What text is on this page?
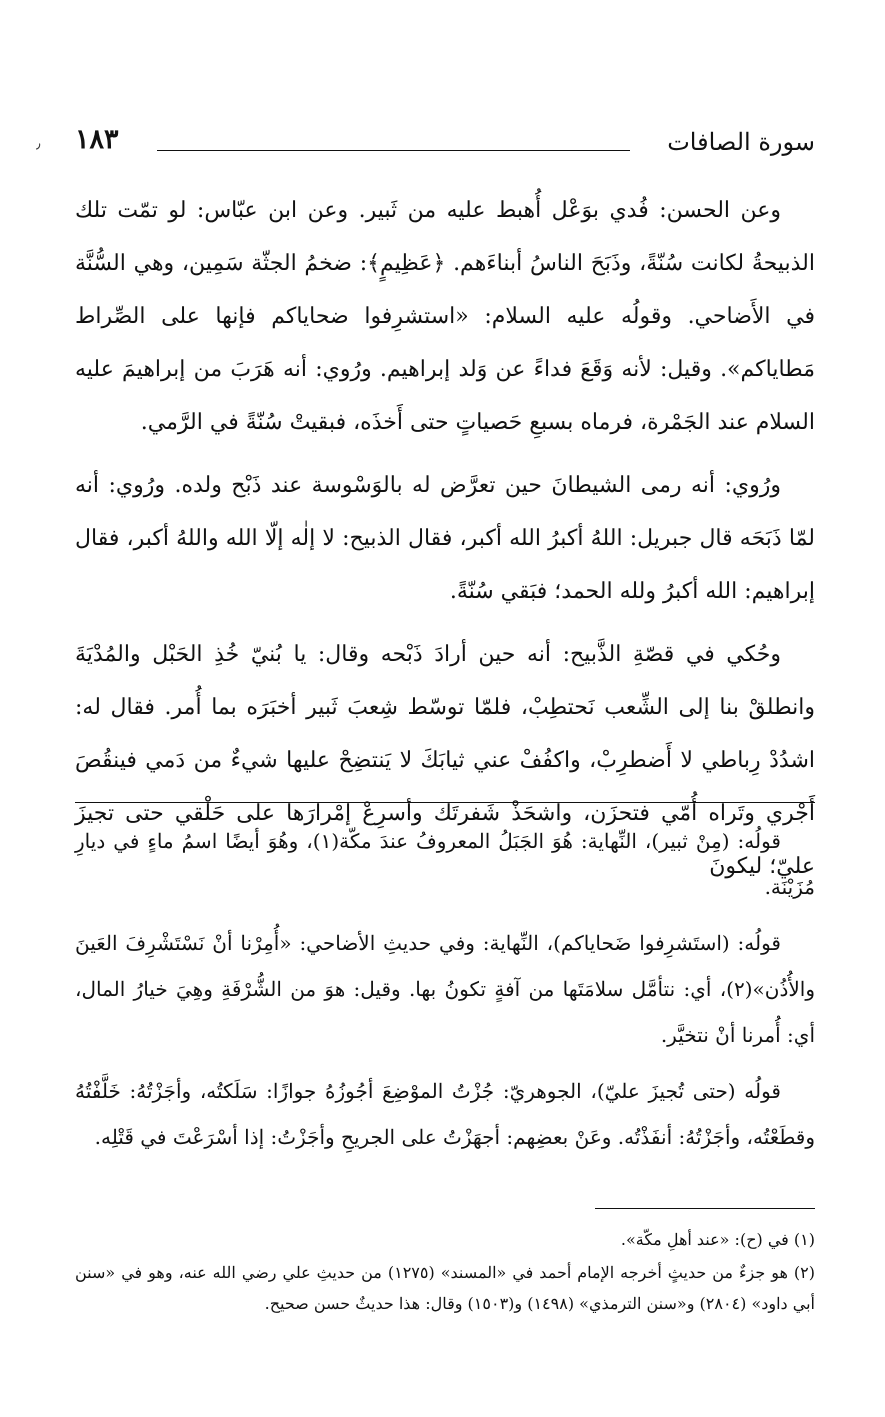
٫	سورة الصافات
١٨٣

وعن الحسن: فُدي بوَعْل أُهبط عليه من ثَبير. وعن ابن عبّاس: لو تمّت تلك الذبيحةُ لكانت سُنّةً، وذَبَحَ الناسُ أبناءَهم. ﴿عَظِيمٍ﴾: ضخمُ الجثّة سَمِين، وهي السُّنَّة في الأَضاحي. وقولُه عليه السلام: «استشرِفوا ضحاياكم فإنها على الصِّراط مَطاياكم». وقيل: لأنه وَقَعَ فداءً عن وَلد إبراهيم. ورُوي: أنه هَرَبَ من إبراهيمَ عليه السلام عند الجَمْرة، فرماه بسبعِ حَصياتٍ حتى أَخذَه، فبقيتْ سُنّةً في الرَّمي.

ورُوي: أنه رمى الشيطانَ حين تعرَّض له بالوَسْوسة عند ذَبْح ولده. ورُوي: أنه لمّا ذَبَحَه قال جبريل: اللهُ أكبرُ الله أكبر، فقال الذبيح: لا إلٰه إلّا الله واللهُ أكبر، فقال إبراهيم: الله أكبرُ ولله الحمد؛ فبَقي سُنّةً.

وحُكي في قصّةِ الذَّبيح: أنه حين أرادَ ذَبْحه وقال: يا بُنيّ خُذِ الحَبْل والمُدْيَةَ وانطلقْ بنا إلى الشِّعب نَحتطِبْ، فلمّا توسّط شِعبَ ثَبير أخبَرَه بما أُمر. فقال له: اشدُدْ رِباطي لا أَضطرِبْ، واكفُفْ عني ثيابَكَ لا يَنتضِحْ عليها شيءٌ من دَمي فينقُصَ أَجْري وتَراه أُمّي فتحزَن، واشحَذْ شَفرتَك وأسرِعْ إمْرارَها على حَلْقي حتى تجيزَ عليّ؛ ليكونَ

قولُه: (مِنْ ثبير)، النِّهاية: هُوَ الجَبَلُ المعروفُ عندَ مكّة(١)، وهُوَ أيضًا اسمُ ماءٍ في ديارِ مُزَيْنَة.

قولُه: (استَشرِفوا ضَحاياكم)، النِّهاية: وفي حديثِ الأضاحي: «أُمِرْنا أنْ نَسْتَشْرِفَ العَينَ والأُذُن»(٢)، أي: نتأمَّل سلامَتَها من آفةٍ تكونُ بها. وقيل: هوَ من الشُّرْفَةِ وهِيَ خيارُ المال، أي: أُمرنا أنْ نتخيَّر.

قولُه (حتى تُجيزَ عليّ)، الجوهريّ: جُزْتُ الموْضِعَ أجُوزُهُ جوازًا: سَلَكتُه، وأجَزْتُهُ: خَلَّفْتُهُ وقطَعْتُه، وأجَزْتُهُ: أنفَذْتُه. وعَنْ بعضِهم: أجهَزْتُ على الجريحِ وأجَزْتُ: إذا أسْرَعْتَ في قَتْلِه.

(١) في (ح): «عند أهلِ مكّة».

(٢) هو جزءٌ من حديثٍ أخرجه الإمام أحمد في «المسند» (١٢٧٥) من حديثِ علي رضي الله عنه، وهو في «سنن أبي داود» (٢٨٠٤) و«سنن الترمذي» (١٤٩٨) و(١٥٠٣) وقال: هذا حديثٌ حسن صحيح.
